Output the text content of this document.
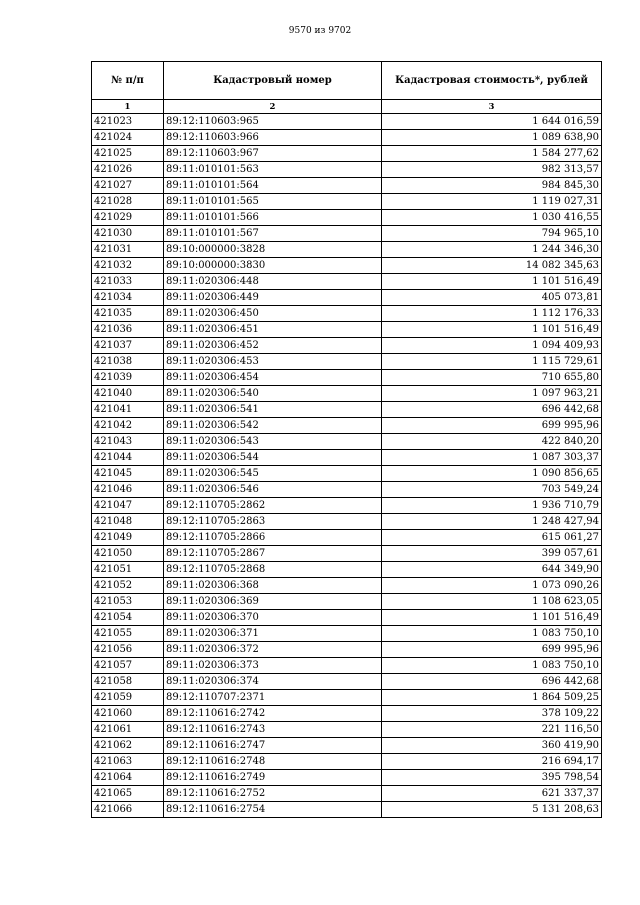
9570 из 9702
№ п/п	Кадастровый номер	Кадастровая стоимость*, рублей
1	2	3
421023	89:12:110603:965	1 644 016,59
421024	89:12:110603:966	1 089 638,90
421025	89:12:110603:967	1 584 277,62
421026	89:11:010101:563	982 313,57
421027	89:11:010101:564	984 845,30
421028	89:11:010101:565	1 119 027,31
421029	89:11:010101:566	1 030 416,55
421030	89:11:010101:567	794 965,10
421031	89:10:000000:3828	1 244 346,30
421032	89:10:000000:3830	14 082 345,63
421033	89:11:020306:448	1 101 516,49
421034	89:11:020306:449	405 073,81
421035	89:11:020306:450	1 112 176,33
421036	89:11:020306:451	1 101 516,49
421037	89:11:020306:452	1 094 409,93
421038	89:11:020306:453	1 115 729,61
421039	89:11:020306:454	710 655,80
421040	89:11:020306:540	1 097 963,21
421041	89:11:020306:541	696 442,68
421042	89:11:020306:542	699 995,96
421043	89:11:020306:543	422 840,20
421044	89:11:020306:544	1 087 303,37
421045	89:11:020306:545	1 090 856,65
421046	89:11:020306:546	703 549,24
421047	89:12:110705:2862	1 936 710,79
421048	89:12:110705:2863	1 248 427,94
421049	89:12:110705:2866	615 061,27
421050	89:12:110705:2867	399 057,61
421051	89:12:110705:2868	644 349,90
421052	89:11:020306:368	1 073 090,26
421053	89:11:020306:369	1 108 623,05
421054	89:11:020306:370	1 101 516,49
421055	89:11:020306:371	1 083 750,10
421056	89:11:020306:372	699 995,96
421057	89:11:020306:373	1 083 750,10
421058	89:11:020306:374	696 442,68
421059	89:12:110707:2371	1 864 509,25
421060	89:12:110616:2742	378 109,22
421061	89:12:110616:2743	221 116,50
421062	89:12:110616:2747	360 419,90
421063	89:12:110616:2748	216 694,17
421064	89:12:110616:2749	395 798,54
421065	89:12:110616:2752	621 337,37
421066	89:12:110616:2754	5 131 208,63
